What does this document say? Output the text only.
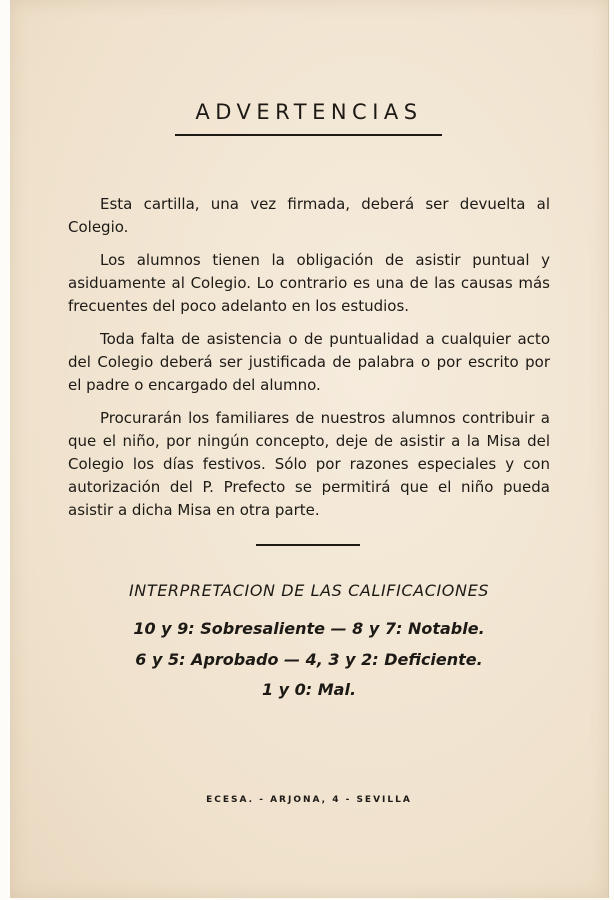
ADVERTENCIAS

Esta cartilla, una vez firmada, deberá ser devuelta al Colegio.

Los alumnos tienen la obligación de asistir puntual y asiduamente al Colegio. Lo contrario es una de las causas más frecuentes del poco adelanto en los estudios.

Toda falta de asistencia o de puntualidad a cualquier acto del Colegio deberá ser justificada de palabra o por escrito por el padre o encargado del alumno.

Procurarán los familiares de nuestros alumnos contribuir a que el niño, por ningún concepto, deje de asistir a la Misa del Colegio los días festivos. Sólo por razones especiales y con autorización del P. Prefecto se permitirá que el niño pueda asistir a dicha Misa en otra parte.

INTERPRETACION DE LAS CALIFICACIONES
10 y 9: Sobresaliente — 8 y 7: Notable.
6 y 5: Aprobado — 4, 3 y 2: Deficiente.
1 y 0: Mal.
ECESA. - ARJONA, 4 - SEVILLA
